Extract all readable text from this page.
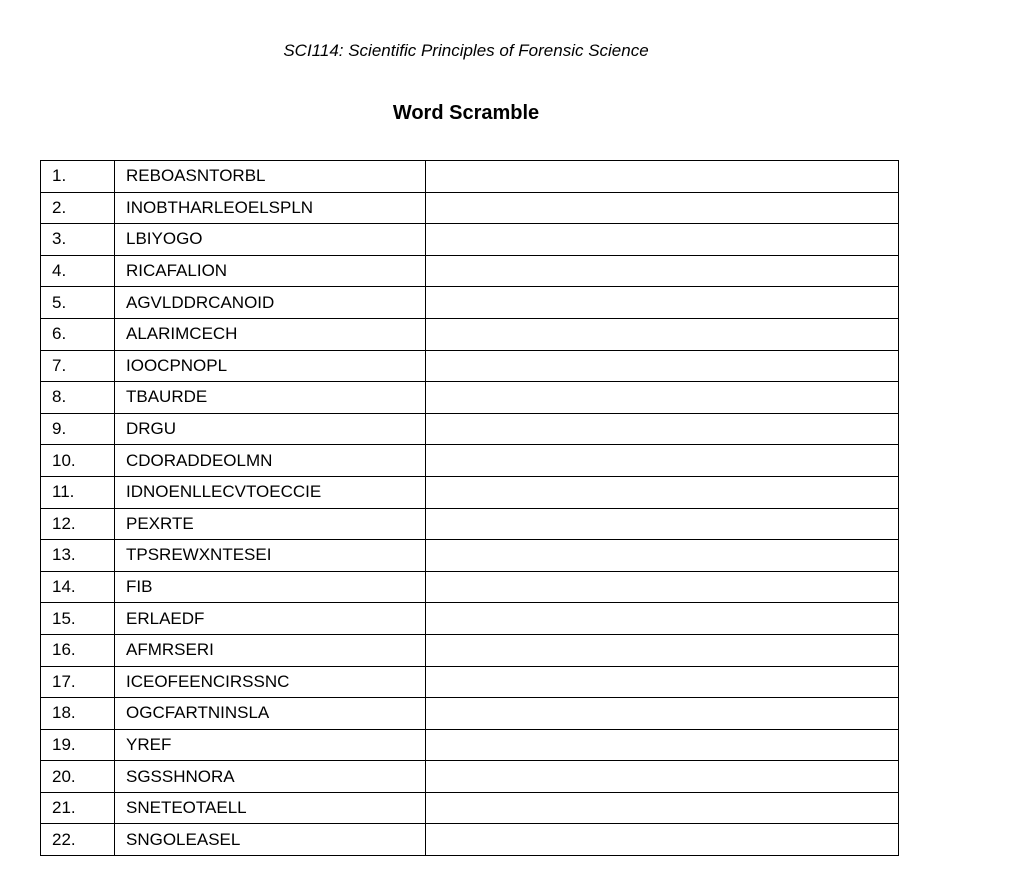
SCI114: Scientific Principles of Forensic Science
Word Scramble
1.	REBOASNTORBL	
2.	INOBTHARLEOELSPLN	
3.	LBIYOGO	
4.	RICAFALION	
5.	AGVLDDRCANOID	
6.	ALARIMCECH	
7.	IOOCPNOPL	
8.	TBAURDE	
9.	DRGU	
10.	CDORADDEOLMN	
11.	IDNOENLLECVTOECCIE	
12.	PEXRTE	
13.	TPSREWXNTESEI	
14.	FIB	
15.	ERLAEDF	
16.	AFMRSERI	
17.	ICEOFEENCIRSSNC	
18.	OGCFARTNINSLA	
19.	YREF	
20.	SGSSHNORA	
21.	SNETEOTAELL	
22.	SNGOLEASEL	
